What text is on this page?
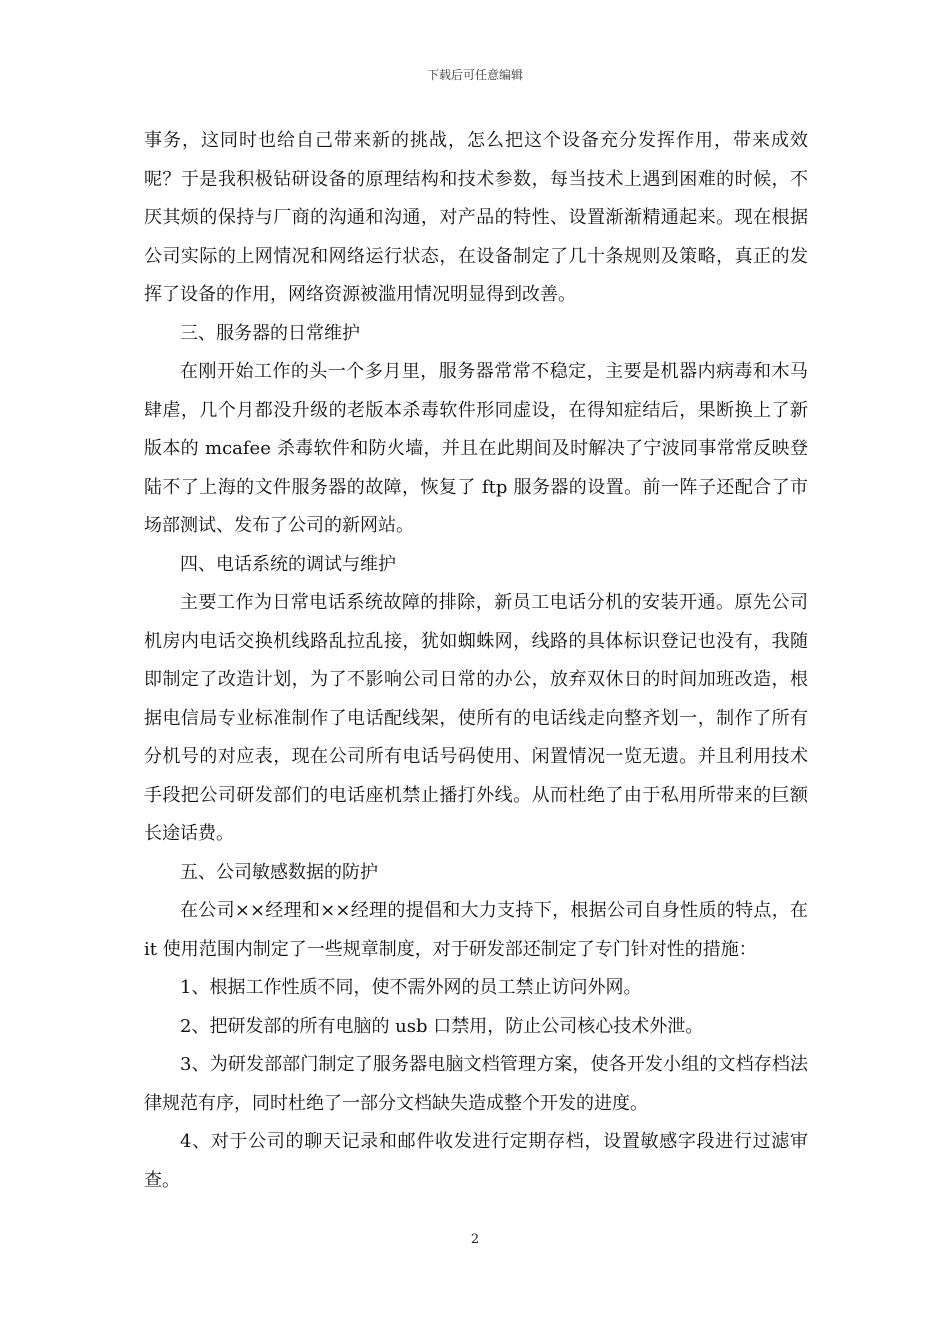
下载后可任意编辑

事务，这同时也给自己带来新的挑战，怎么把这个设备充分发挥作用，带来成效呢？于是我积极钻研设备的原理结构和技术参数，每当技术上遇到困难的时候，不厌其烦的保持与厂商的沟通和沟通，对产品的特性、设置渐渐精通起来。现在根据公司实际的上网情况和网络运行状态，在设备制定了几十条规则及策略，真正的发挥了设备的作用，网络资源被滥用情况明显得到改善。

三、服务器的日常维护

在刚开始工作的头一个多月里，服务器常常不稳定，主要是机器内病毒和木马肆虐，几个月都没升级的老版本杀毒软件形同虚设，在得知症结后，果断换上了新版本的 mcafee 杀毒软件和防火墙，并且在此期间及时解决了宁波同事常常反映登陆不了上海的文件服务器的故障，恢复了 ftp 服务器的设置。前一阵子还配合了市场部测试、发布了公司的新网站。

四、电话系统的调试与维护

主要工作为日常电话系统故障的排除，新员工电话分机的安装开通。原先公司机房内电话交换机线路乱拉乱接，犹如蜘蛛网，线路的具体标识登记也没有，我随即制定了改造计划，为了不影响公司日常的办公，放弃双休日的时间加班改造，根据电信局专业标准制作了电话配线架，使所有的电话线走向整齐划一，制作了所有分机号的对应表，现在公司所有电话号码使用、闲置情况一览无遗。并且利用技术手段把公司研发部们的电话座机禁止播打外线。从而杜绝了由于私用所带来的巨额长途话费。

五、公司敏感数据的防护

在公司××经理和××经理的提倡和大力支持下，根据公司自身性质的特点，在 it 使用范围内制定了一些规章制度，对于研发部还制定了专门针对性的措施：

1、根据工作性质不同，使不需外网的员工禁止访问外网。

2、把研发部的所有电脑的 usb 口禁用，防止公司核心技术外泄。

3、为研发部部门制定了服务器电脑文档管理方案，使各开发小组的文档存档法律规范有序，同时杜绝了一部分文档缺失造成整个开发的进度。

4、对于公司的聊天记录和邮件收发进行定期存档，设置敏感字段进行过滤审查。

2
